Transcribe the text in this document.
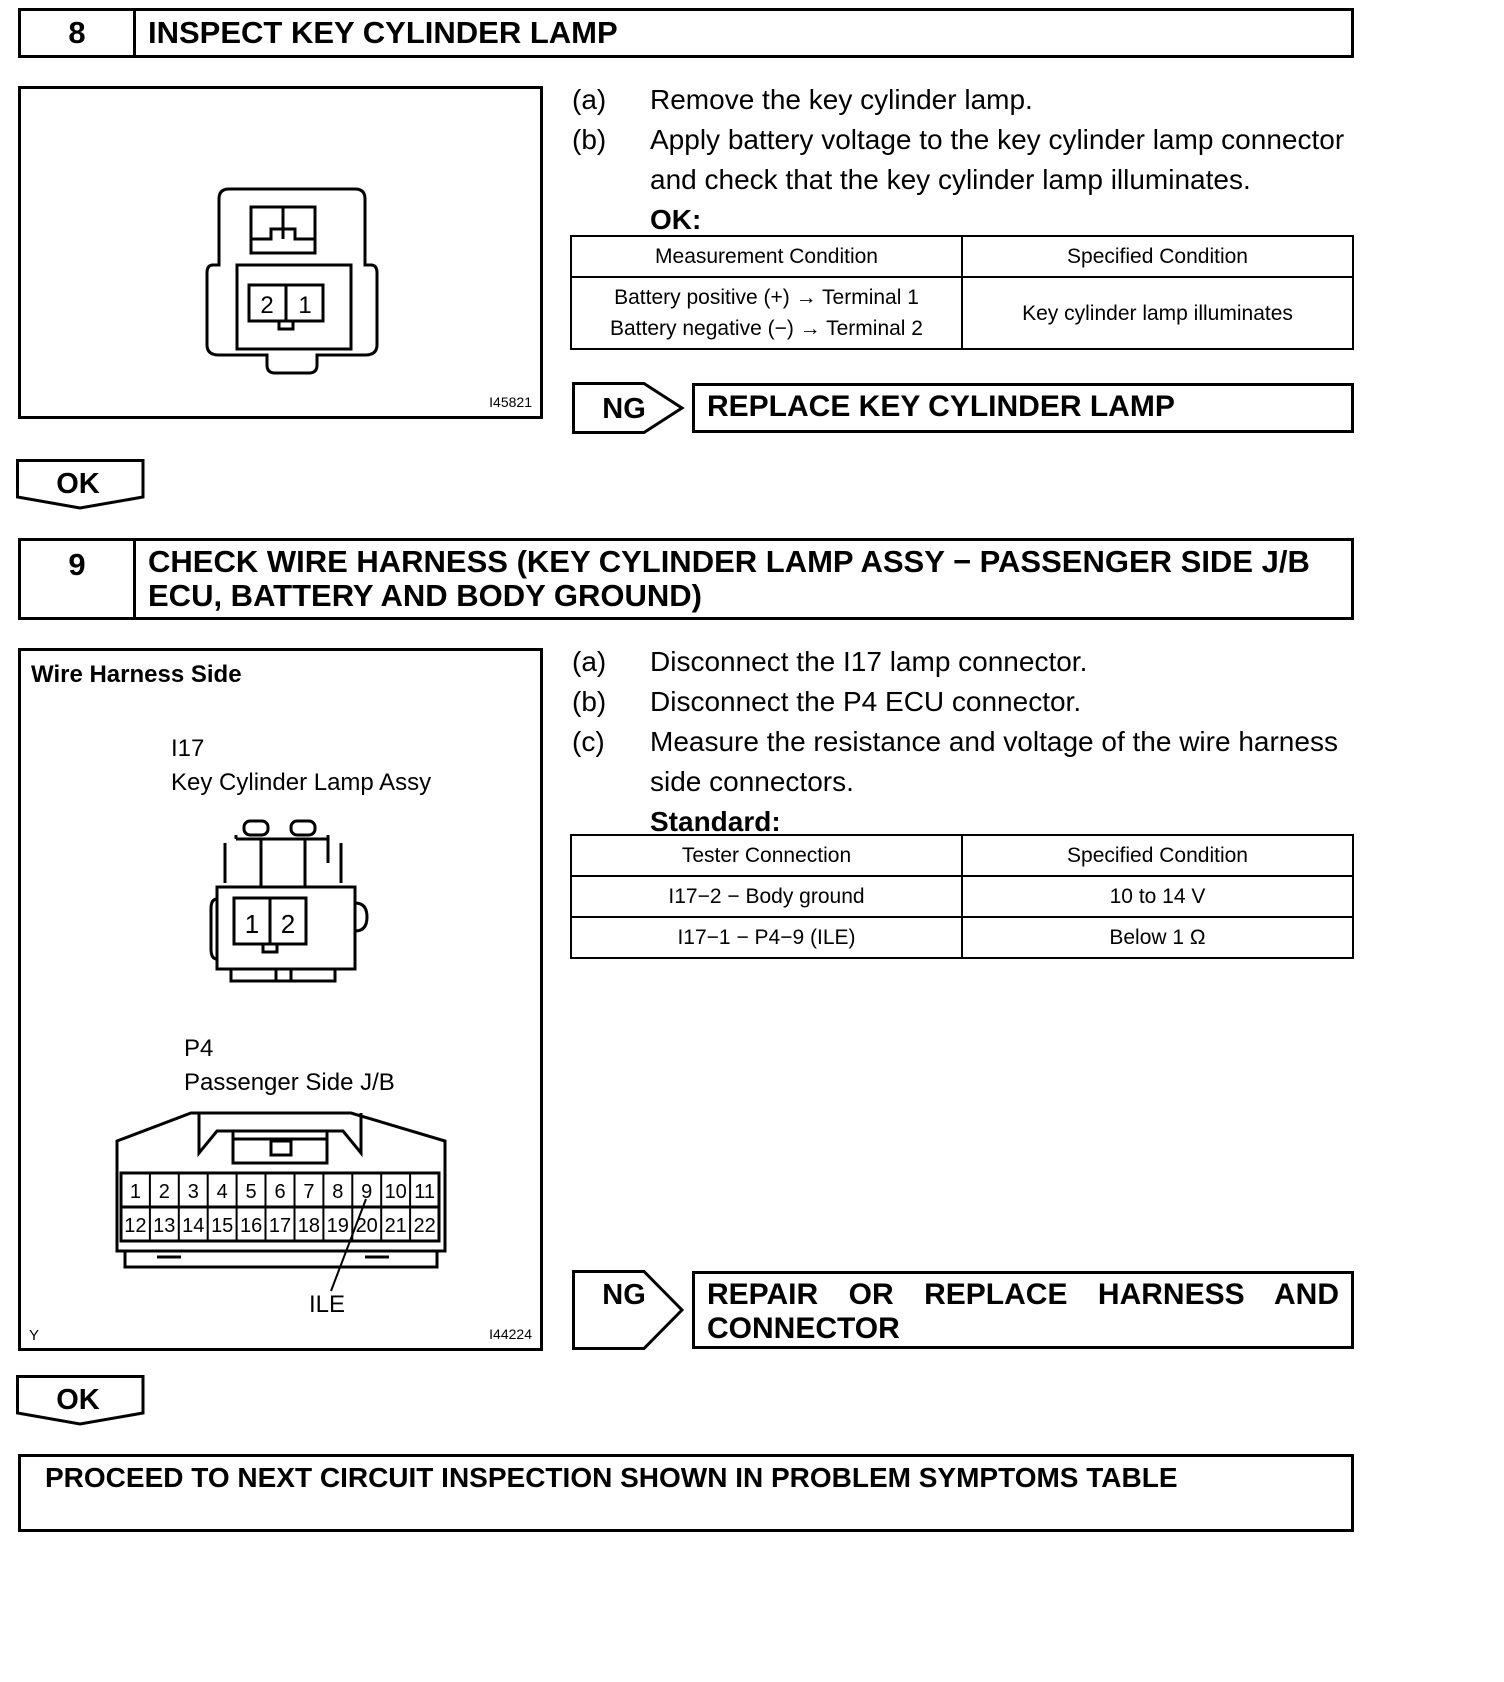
8	INSPECT KEY CYLINDER LAMP
2 1
I45821
(a)	Remove the key cylinder lamp.
(b)	Apply battery voltage to the key cylinder lamp connector and check that the key cylinder lamp illuminates.
OK:
Measurement Condition	Specified Condition

Battery positive (+) → Terminal 1
Battery negative (−) → Terminal 2	Key cylinder lamp illuminates
NG	REPLACE KEY CYLINDER LAMP
OK
9	CHECK WIRE HARNESS (KEY CYLINDER LAMP ASSY − PASSENGER SIDE J/B
ECU, BATTERY AND BODY GROUND)
Wire Harness Side
I17
Key Cylinder Lamp Assy
1 2
1 2 3 4 5 6 7 8 9 10 11
12 13 14 15 16 17 18 19 20 21 22
P4
Passenger Side J/B
ILE
Y	I44224
(a)	Disconnect the I17 lamp connector.
(b)	Disconnect the P4 ECU connector.
(c)	Measure the resistance and voltage of the wire harness side connectors.
Standard:
Tester Connection	Specified Condition
I17−2 − Body ground	10 to 14 V
I17−1 − P4−9 (ILE)	Below 1 Ω
NG REPAIR OR REPLACE HARNESS AND
CONNECTOR
OK
PROCEED TO NEXT CIRCUIT INSPECTION SHOWN IN PROBLEM SYMPTOMS TABLE
